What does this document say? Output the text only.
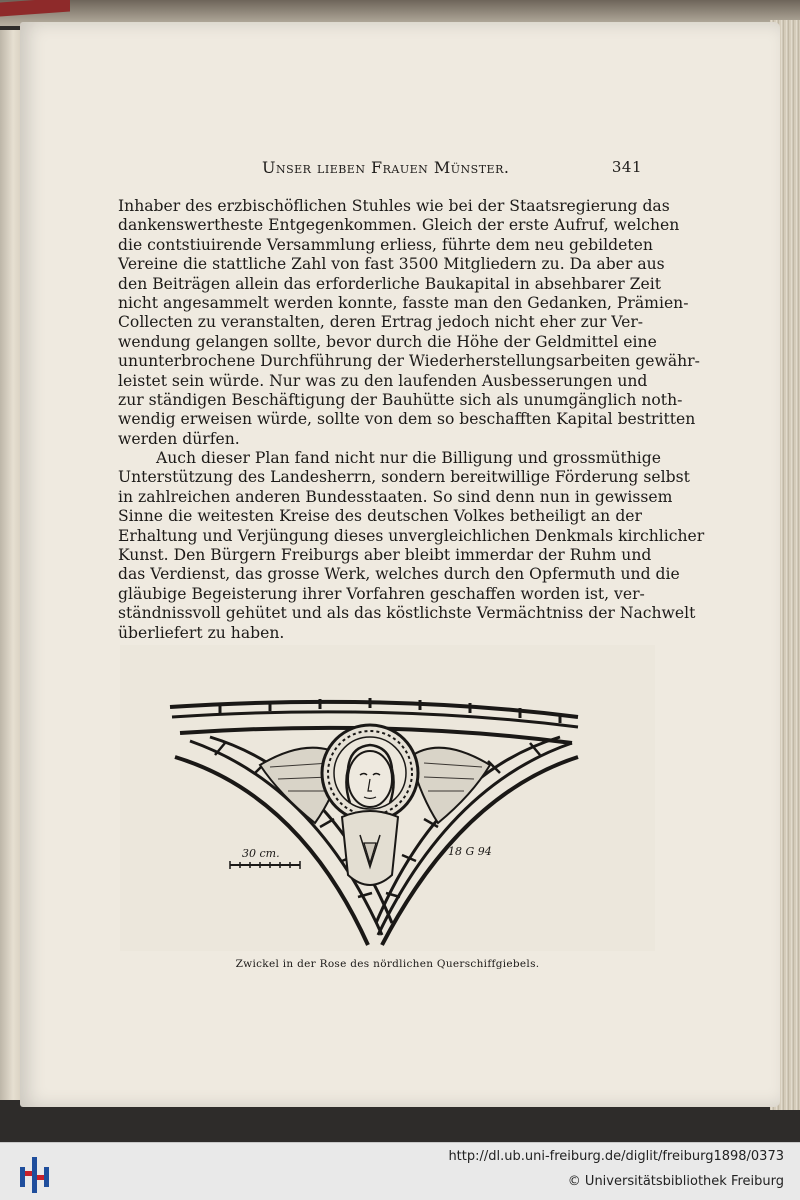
Unser lieben Frauen Münster.	341
Inhaber des erzbischöflichen Stuhles wie bei der Staatsregierung das
dankenswertheste Entgegenkommen. Gleich der erste Aufruf, welchen
die contstiuirende Versammlung erliess, führte dem neu gebildeten
Vereine die stattliche Zahl von fast 3500 Mitgliedern zu. Da aber aus
den Beiträgen allein das erforderliche Baukapital in absehbarer Zeit
nicht angesammelt werden konnte, fasste man den Gedanken, Prämien-
Collecten zu veranstalten, deren Ertrag jedoch nicht eher zur Ver-
wendung gelangen sollte, bevor durch die Höhe der Geldmittel eine
ununterbrochene Durchführung der Wiederherstellungsarbeiten gewähr-
leistet sein würde. Nur was zu den laufenden Ausbesserungen und
zur ständigen Beschäftigung der Bauhütte sich als unumgänglich noth-
wendig erweisen würde, sollte von dem so beschafften Kapital bestritten
werden dürfen.
Auch dieser Plan fand nicht nur die Billigung und grossmüthige
Unterstützung des Landesherrn, sondern bereitwillige Förderung selbst
in zahlreichen anderen Bundesstaaten. So sind denn nun in gewissem
Sinne die weitesten Kreise des deutschen Volkes betheiligt an der
Erhaltung und Verjüngung dieses unvergleichlichen Denkmals kirchlicher
Kunst. Den Bürgern Freiburgs aber bleibt immerdar der Ruhm und
das Verdienst, das grosse Werk, welches durch den Opfermuth und die
gläubige Begeisterung ihrer Vorfahren geschaffen worden ist, ver-
ständnissvoll gehütet und als das köstlichste Vermächtniss der Nachwelt
überliefert zu haben.
30 cm.	18 G 94
Zwickel in der Rose des nördlichen Querschiffgiebels.
http://dl.ub.uni-freiburg.de/diglit/freiburg1898/0373
© Universitätsbibliothek Freiburg
